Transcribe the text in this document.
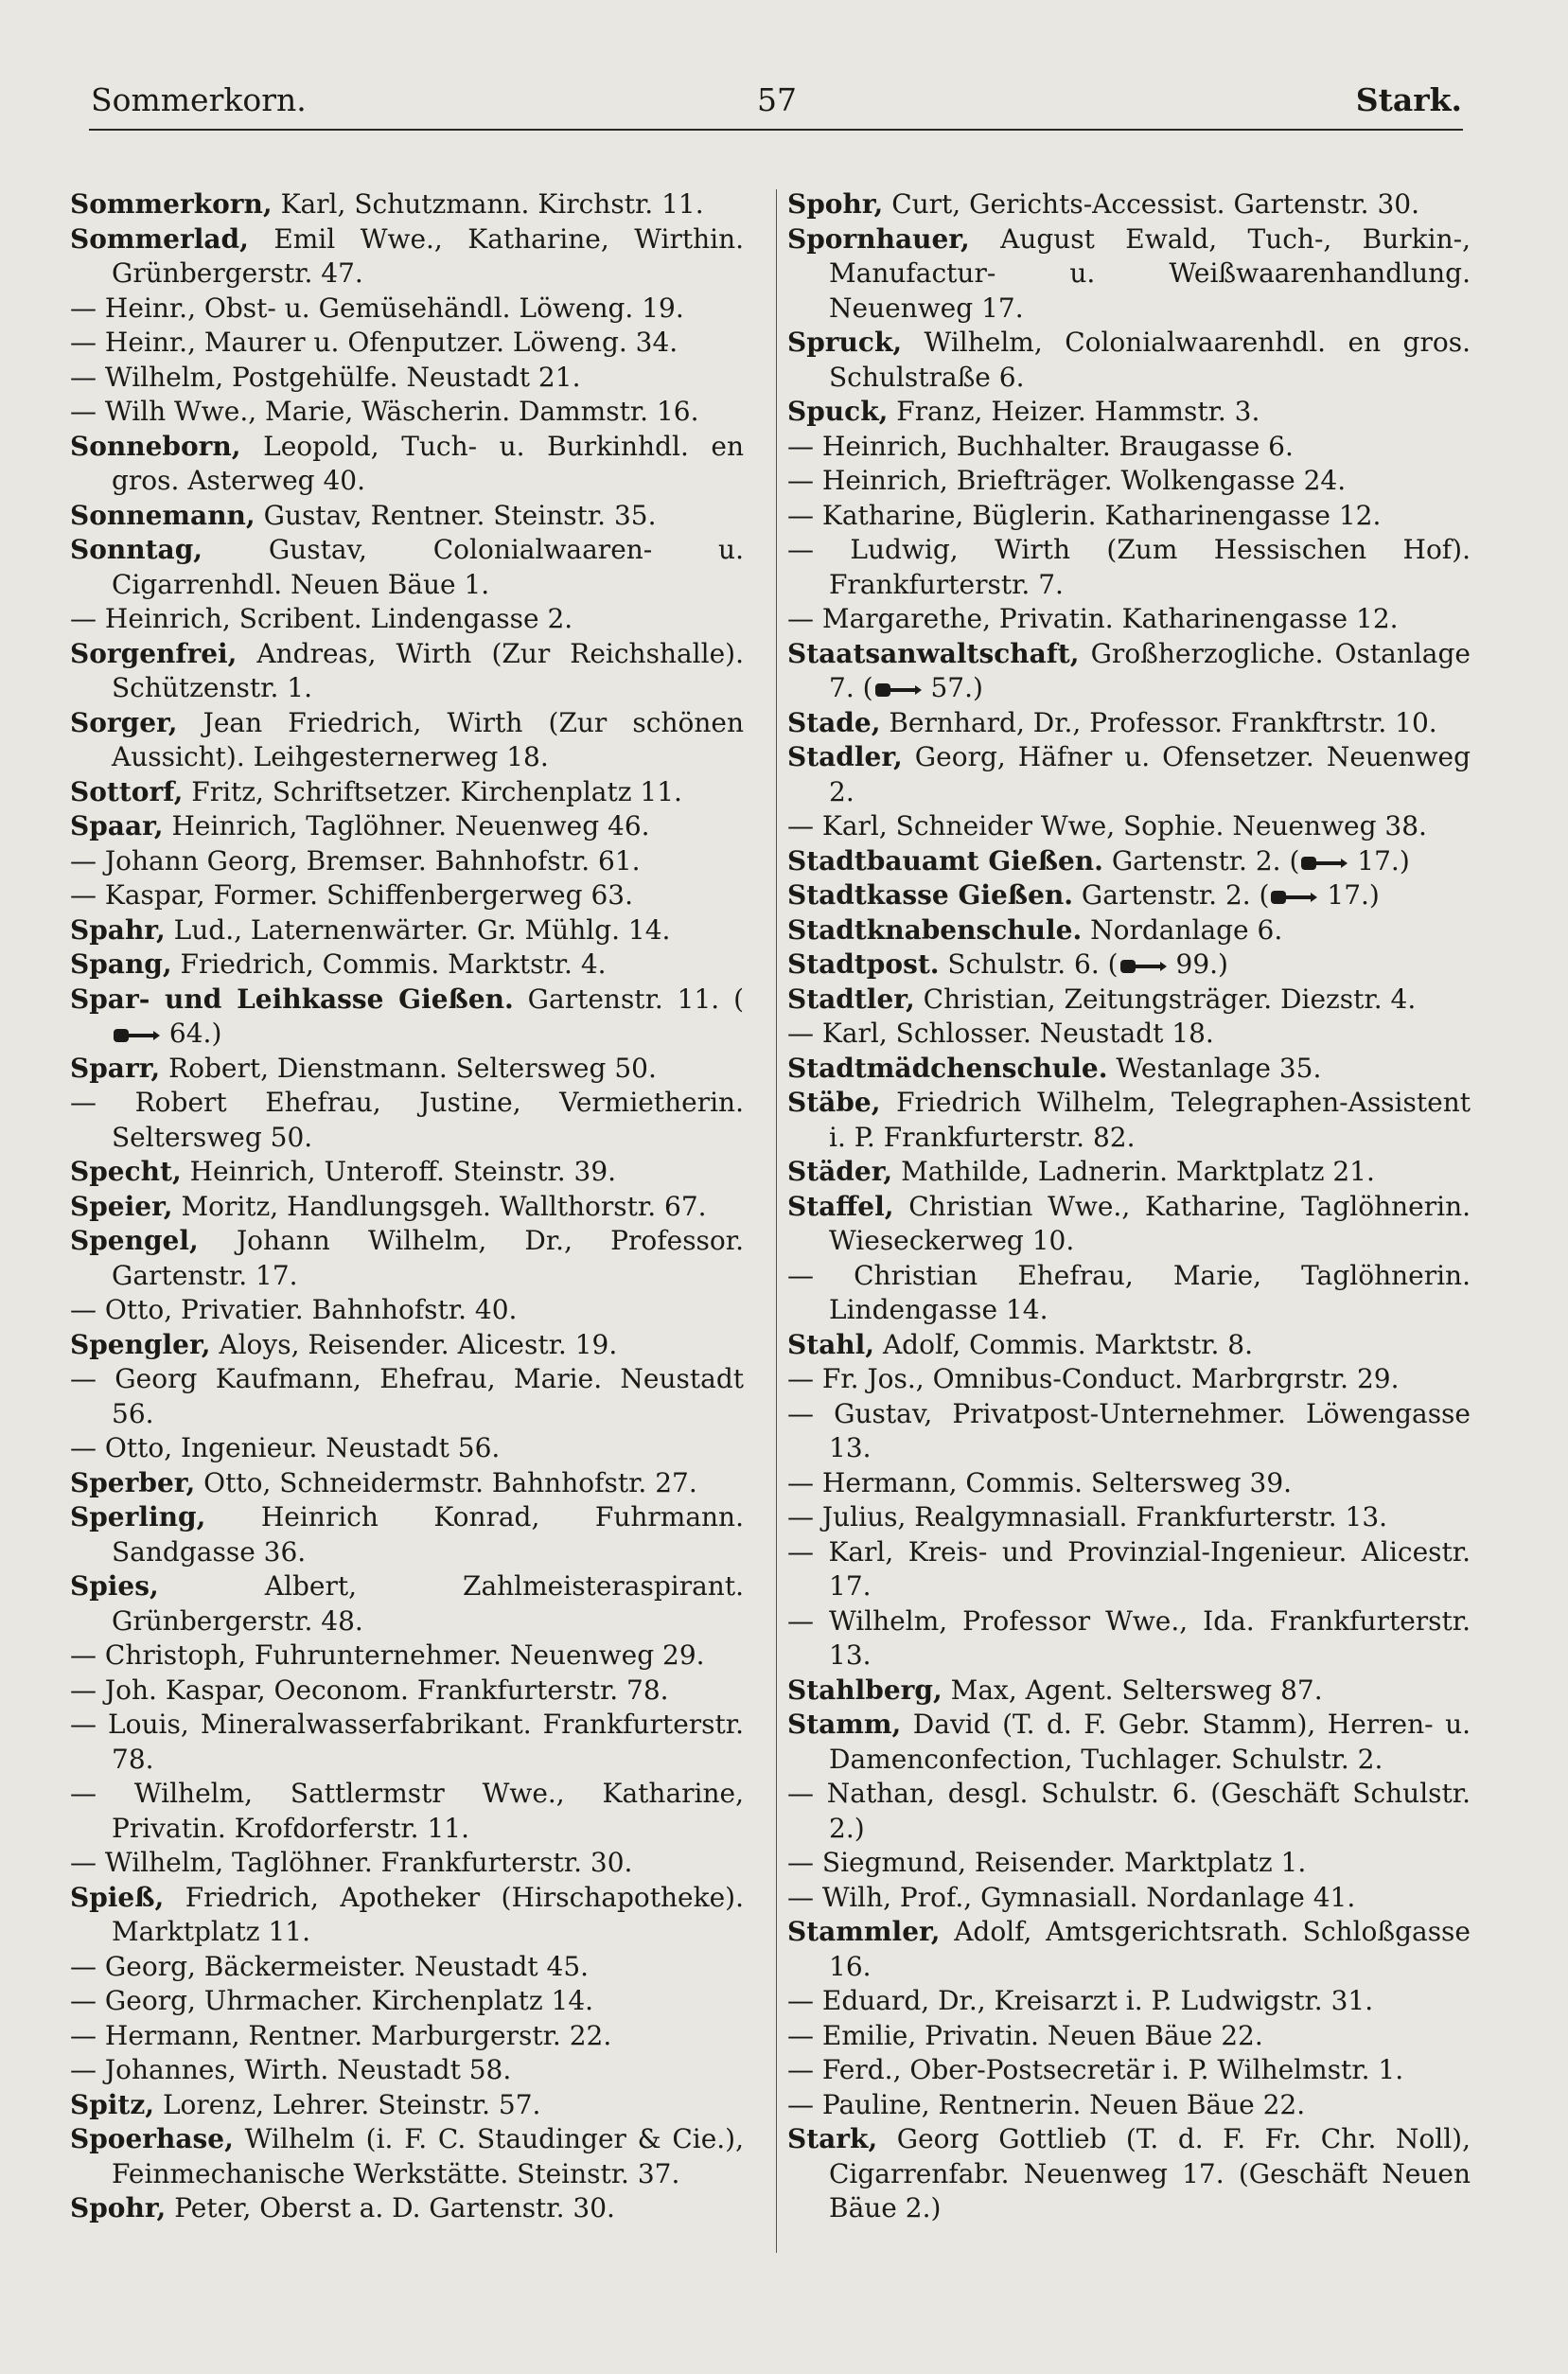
Sommerkorn.	57	Stark.

Sommerkorn, Karl, Schutzmann. Kirchstr. 11.

Sommerlad, Emil Wwe., Katharine, Wirthin. Grünbergerstr. 47.

— Heinr., Obst- u. Gemüsehändl. Löweng. 19.

— Heinr., Maurer u. Ofenputzer. Löweng. 34.

— Wilhelm, Postgehülfe. Neustadt 21.

— Wilh Wwe., Marie, Wäscherin. Dammstr. 16.

Sonneborn, Leopold, Tuch- u. Burkinhdl. en gros. Asterweg 40.

Sonnemann, Gustav, Rentner. Steinstr. 35.

Sonntag, Gustav, Colonialwaaren- u. Cigarrenhdl. Neuen Bäue 1.

— Heinrich, Scribent. Lindengasse 2.

Sorgenfrei, Andreas, Wirth (Zur Reichshalle). Schützenstr. 1.

Sorger, Jean Friedrich, Wirth (Zur schönen Aussicht). Leihgesternerweg 18.

Sottorf, Fritz, Schriftsetzer. Kirchenplatz 11.

Spaar, Heinrich, Taglöhner. Neuenweg 46.

— Johann Georg, Bremser. Bahnhofstr. 61.

— Kaspar, Former. Schiffenbergerweg 63.

Spahr, Lud., Laternenwärter. Gr. Mühlg. 14.

Spang, Friedrich, Commis. Marktstr. 4.

Spar- und Leihkasse Gießen. Gartenstr. 11. ( 64.)

Sparr, Robert, Dienstmann. Seltersweg 50.

— Robert Ehefrau, Justine, Vermietherin. Seltersweg 50.

Specht, Heinrich, Unteroff. Steinstr. 39.

Speier, Moritz, Handlungsgeh. Wallthorstr. 67.

Spengel, Johann Wilhelm, Dr., Professor. Gartenstr. 17.

— Otto, Privatier. Bahnhofstr. 40.

Spengler, Aloys, Reisender. Alicestr. 19.

— Georg Kaufmann, Ehefrau, Marie. Neustadt 56.

— Otto, Ingenieur. Neustadt 56.

Sperber, Otto, Schneidermstr. Bahnhofstr. 27.

Sperling, Heinrich Konrad, Fuhrmann. Sandgasse 36.

Spies,	Albert, Zahlmeisteraspirant. Grünbergerstr. 48.

— Christoph, Fuhrunternehmer. Neuenweg 29.

— Joh. Kaspar, Oeconom. Frankfurterstr. 78.

— Louis, Mineralwasserfabrikant. Frankfurterstr. 78.

— Wilhelm, Sattlermstr Wwe., Katharine, Privatin. Krofdorferstr. 11.

— Wilhelm, Taglöhner. Frankfurterstr. 30.

Spieß, Friedrich, Apotheker (Hirschapotheke). Marktplatz 11.

— Georg, Bäckermeister. Neustadt 45.

— Georg, Uhrmacher. Kirchenplatz 14.

— Hermann, Rentner. Marburgerstr. 22.

— Johannes, Wirth. Neustadt 58.

Spitz, Lorenz, Lehrer. Steinstr. 57.

Spoerhase, Wilhelm (i. F. C. Staudinger & Cie.), Feinmechanische Werkstätte. Steinstr. 37.

Spohr, Peter, Oberst a. D. Gartenstr. 30.

Spohr, Curt, Gerichts-Accessist. Gartenstr. 30.

Spornhauer, August Ewald, Tuch-, Burkin-, Manufactur- u. Weißwaarenhandlung. Neuenweg 17.

Spruck, Wilhelm, Colonialwaarenhdl. en gros. Schulstraße 6.

Spuck, Franz, Heizer. Hammstr. 3.

— Heinrich, Buchhalter. Braugasse 6.

— Heinrich, Briefträger. Wolkengasse 24.

— Katharine, Büglerin. Katharinengasse 12.

— Ludwig, Wirth (Zum Hessischen Hof). Frankfurterstr. 7.

— Margarethe, Privatin. Katharinengasse 12.

Staatsanwaltschaft, Großherzogliche. Ostanlage 7. ( 57.)

Stade, Bernhard, Dr., Professor. Frankftrstr. 10.

Stadler, Georg, Häfner u. Ofensetzer. Neuenweg 2.

— Karl, Schneider Wwe, Sophie. Neuenweg 38.

Stadtbauamt Gießen. Gartenstr. 2. ( 17.)

Stadtkasse Gießen. Gartenstr. 2. ( 17.)

Stadtknabenschule. Nordanlage 6.

Stadtpost. Schulstr. 6. ( 99.)

Stadtler, Christian, Zeitungsträger. Diezstr. 4.

— Karl, Schlosser. Neustadt 18.

Stadtmädchenschule. Westanlage 35.

Stäbe, Friedrich Wilhelm, Telegraphen-Assistent i. P. Frankfurterstr. 82.

Städer, Mathilde, Ladnerin. Marktplatz 21.

Staffel, Christian Wwe., Katharine, Taglöhnerin. Wieseckerweg 10.

— Christian Ehefrau, Marie, Taglöhnerin. Lindengasse 14.

Stahl, Adolf, Commis. Marktstr. 8.

— Fr. Jos., Omnibus-Conduct. Marbrgrstr. 29.

— Gustav, Privatpost-Unternehmer. Löwengasse 13.

— Hermann, Commis. Seltersweg 39.

— Julius, Realgymnasiall. Frankfurterstr. 13.

— Karl, Kreis- und Provinzial-Ingenieur. Alicestr. 17.

— Wilhelm, Professor Wwe., Ida. Frankfurterstr. 13.

Stahlberg, Max, Agent. Seltersweg 87.

Stamm, David (T. d. F. Gebr. Stamm), Herren- u. Damenconfection, Tuchlager. Schulstr. 2.

— Nathan, desgl. Schulstr. 6. (Geschäft Schulstr. 2.)

— Siegmund, Reisender. Marktplatz 1.

— Wilh, Prof., Gymnasiall. Nordanlage 41.

Stammler, Adolf, Amtsgerichtsrath. Schloßgasse 16.

— Eduard, Dr., Kreisarzt i. P. Ludwigstr. 31.

— Emilie, Privatin. Neuen Bäue 22.

— Ferd., Ober-Postsecretär i. P. Wilhelmstr. 1.

— Pauline, Rentnerin. Neuen Bäue 22.

Stark, Georg Gottlieb (T. d. F. Fr. Chr. Noll), Cigarrenfabr. Neuenweg 17. (Geschäft Neuen Bäue 2.)
